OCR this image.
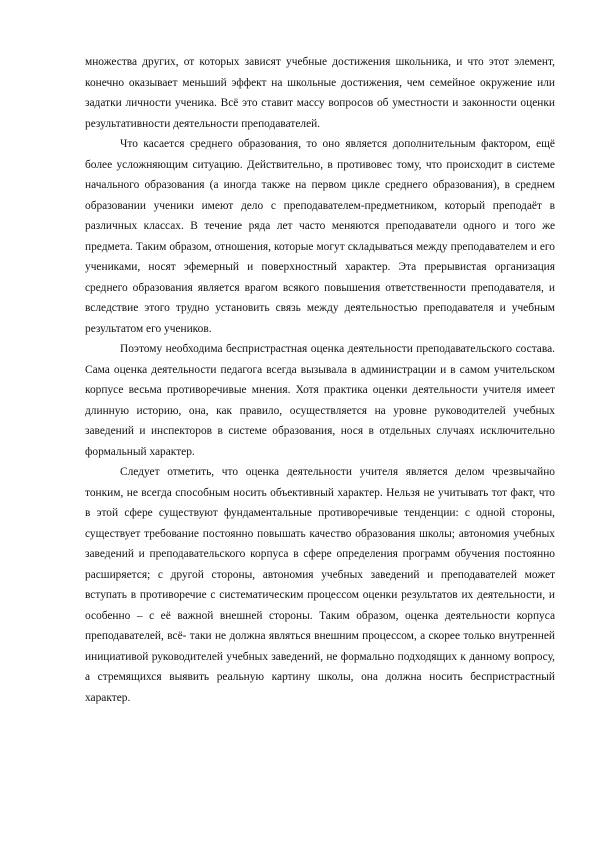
множества других, от которых зависят учебные достижения школьника, и что этот элемент, конечно оказывает меньший эффект на школьные достижения, чем семейное окружение или задатки личности ученика. Всё это ставит массу вопросов об уместности и законности оценки результативности деятельности преподавателей.

Что касается среднего образования, то оно является дополнительным фактором, ещё более усложняющим ситуацию. Действительно, в противовес тому, что происходит в системе начального образования (а иногда также на первом цикле среднего образования), в среднем образовании ученики имеют дело с преподавателем-предметником, который преподаёт в различных классах. В течение ряда лет часто меняются преподаватели одного и того же предмета. Таким образом, отношения, которые могут складываться между преподавателем и его учениками, носят эфемерный и поверхностный характер. Эта прерывистая организация среднего образования является врагом всякого повышения ответственности преподавателя, и вследствие этого трудно установить связь между деятельностью преподавателя и учебным результатом его учеников.

Поэтому необходима беспристрастная оценка деятельности преподавательского состава. Сама оценка деятельности педагога всегда вызывала в администрации и в самом учительском корпусе весьма противоречивые мнения. Хотя практика оценки деятельности учителя имеет длинную историю, она, как правило, осуществляется на уровне руководителей учебных заведений и инспекторов в системе образования, нося в отдельных случаях исключительно формальный характер.

Следует отметить, что оценка деятельности учителя является делом чрезвычайно тонким, не всегда способным носить объективный характер. Нельзя не учитывать тот факт, что в этой сфере существуют фундаментальные противоречивые тенденции: с одной стороны, существует требование постоянно повышать качество образования школы; автономия учебных заведений и преподавательского корпуса в сфере определения программ обучения постоянно расширяется; с другой стороны, автономия учебных заведений и преподавателей может вступать в противоречие с систематическим процессом оценки результатов их деятельности, и особенно – с её важной внешней стороны. Таким образом, оценка деятельности корпуса преподавателей, всё- таки не должна являться внешним процессом, а скорее только внутренней инициативой руководителей учебных заведений, не формально подходящих к данному вопросу, а стремящихся выявить реальную картину школы, она должна носить беспристрастный характер.
